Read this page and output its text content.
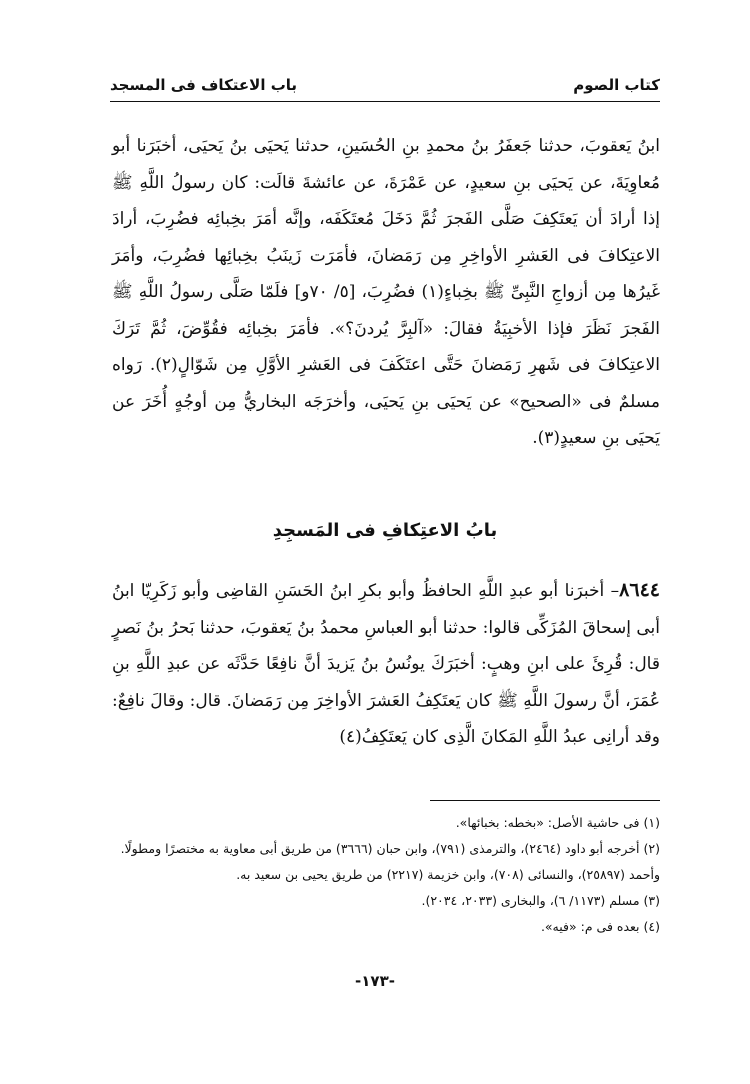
كتاب الصوم
باب الاعتكاف فى المسجد

ابنُ يَعقوبَ، حدثنا جَعفَرُ بنُ محمدِ بنِ الحُسَينِ، حدثنا يَحيَى بنُ يَحيَى، أخبَرَنا أبو مُعاوِيَةَ، عن يَحيَى بنِ سعيدٍ، عن عَمْرَةَ، عن عائشةَ قالَت: كان رسولُ اللَّهِ ﷺ إذا أرادَ أن يَعتَكِفَ صَلَّى الفَجرَ ثُمَّ دَخَلَ مُعتَكَفَه، وإنَّه أمَرَ بخِبائِه فضُرِبَ، أرادَ الاعتِكافَ فى العَشرِ الأواخِرِ مِن رَمَضانَ، فأمَرَت زَينَبُ بخِبائِها فضُرِبَ، وأمَرَ غَيرُها مِن أزواجِ النَّبِىِّ ﷺ بخِباءٍ(١) فضُرِبَ، [٥/ ٧٠و] فلَمّا صَلَّى رسولُ اللَّهِ ﷺ الفَجرَ نَظَرَ فإذا الأخبِيَةُ فقالَ: «آلبِرَّ يُردنَ؟». فأمَرَ بخِبائِه فقُوِّضَ، ثُمَّ تَرَكَ الاعتِكافَ فى شَهرِ رَمَضانَ حَتَّى اعتَكَفَ فى العَشرِ الأوَّلِ مِن شَوّالٍ(٢). رَواه مسلمٌ فى «الصحيح» عن يَحيَى بنِ يَحيَى، وأخرَجَه البخاريُّ مِن أوجُهٍ أُخَرَ عن يَحيَى بنِ سعيدٍ(٣).

بابُ الاعتِكافِ فى المَسجِدِ

٨٦٤٤– أخبرَنا أبو عبدِ اللَّهِ الحافظُ وأبو بكرِ ابنُ الحَسَنِ القاضِى وأبو زَكَرِيّا ابنُ أبى إسحاقَ المُزَكِّى قالوا: حدثنا أبو العباسِ محمدُ بنُ يَعقوبَ، حدثنا بَحرُ بنُ نَصرٍ قال: قُرِئَ على ابنِ وهبٍ: أخبَرَكَ يونُسُ بنُ يَزيدَ أنَّ نافِعًا حَدَّثَه عن عبدِ اللَّهِ بنِ عُمَرَ، أنَّ رسولَ اللَّهِ ﷺ كان يَعتَكِفُ العَشرَ الأواخِرَ مِن رَمَضانَ. قال: وقالَ نافِعٌ: وقد أرانِى عبدُ اللَّهِ المَكانَ الَّذِى كان يَعتَكِفُ(٤)

(١) فى حاشية الأصل: «بخطه: بخبائها».
(٢) أخرجه أبو داود (٢٤٦٤)، والترمذى (٧٩١)، وابن حبان (٣٦٦٦) من طريق أبى معاوية به مختصرًا ومطولًا. وأحمد (٢٥٨٩٧)، والنسائى (٧٠٨)، وابن خزيمة (٢٢١٧) من طريق يحيى بن سعيد به.
(٣) مسلم (١١٧٣/ ٦)، والبخارى (٢٠٣٣، ٢٠٣٤).
(٤) بعده فى م: «فيه».
-١٧٣-
